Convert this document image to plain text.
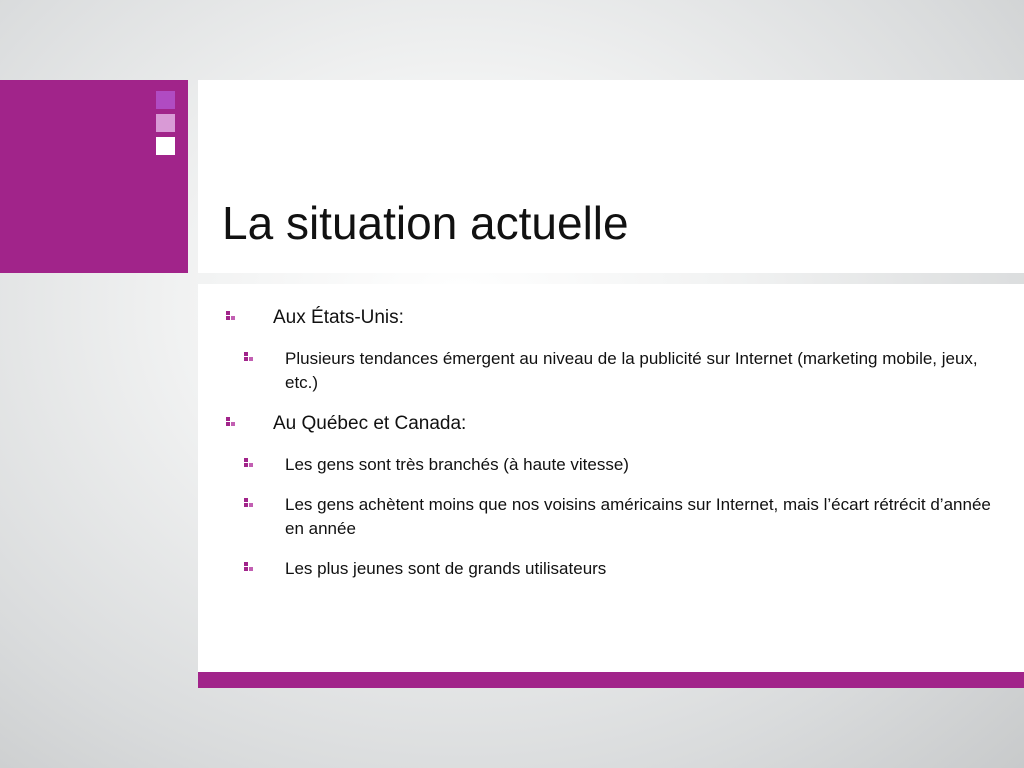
La situation actuelle
Aux États-Unis:
Plusieurs tendances émergent au niveau de la publicité sur Internet (marketing mobile, jeux, etc.)
Au Québec et Canada:
Les gens sont très branchés (à haute vitesse)
Les gens achètent moins que nos voisins américains sur Internet, mais l’écart rétrécit d’année en année
Les plus jeunes sont de grands utilisateurs
